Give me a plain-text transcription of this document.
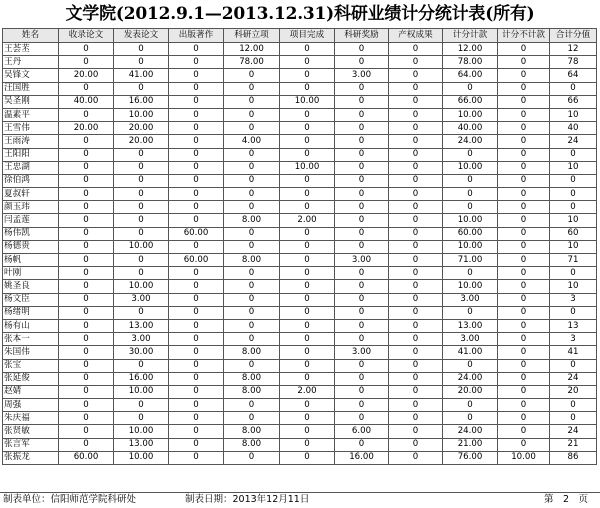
文学院(2012.9.1—2013.12.31)科研业绩计分统计表(所有)
姓名	收录论文	发表论文	出版著作	科研立项	项目完成	科研奖励	产权成果	计分计款	计分不计款	合计分值
王荟苤	0	0	0	12.00	0	0	0	12.00	0	12
王丹	0	0	0	78.00	0	0	0	78.00	0	78
吴锋文	20.00	41.00	0	0	0	3.00	0	64.00	0	64
汪国胜	0	0	0	0	0	0	0	0	0	0
吴圣刚	40.00	16.00	0	0	10.00	0	0	66.00	0	66
温素平	0	10.00	0	0	0	0	0	10.00	0	10
王雪伟	20.00	20.00	0	0	0	0	0	40.00	0	40
王雨涛	0	20.00	0	4.00	0	0	0	24.00	0	24
王阳阳	0	0	0	0	0	0	0	0	0	0
王忠湖	0	0	0	0	10.00	0	0	10.00	0	10
徐伯鸿	0	0	0	0	0	0	0	0	0	0
夏叔轩	0	0	0	0	0	0	0	0	0	0
颜玉玮	0	0	0	0	0	0	0	0	0	0
闫孟莲	0	0	0	8.00	2.00	0	0	10.00	0	10
杨伟凯	0	0	60.00	0	0	0	0	60.00	0	60
杨德贵	0	10.00	0	0	0	0	0	10.00	0	10
杨帆	0	0	60.00	8.00	0	3.00	0	71.00	0	71
叶刚	0	0	0	0	0	0	0	0	0	0
姚圣良	0	10.00	0	0	0	0	0	10.00	0	10
杨文臣	0	3.00	0	0	0	0	0	3.00	0	3
杨绪明	0	0	0	0	0	0	0	0	0	0
杨有山	0	13.00	0	0	0	0	0	13.00	0	13
张本一	0	3.00	0	0	0	0	0	3.00	0	3
朱国伟	0	30.00	0	8.00	0	3.00	0	41.00	0	41
张宝	0	0	0	0	0	0	0	0	0	0
张延俊	0	16.00	0	8.00	0	0	0	24.00	0	24
赵婧	0	10.00	0	8.00	2.00	0	0	20.00	0	20
周强	0	0	0	0	0	0	0	0	0	0
朱庆福	0	0	0	0	0	0	0	0	0	0
张贤敏	0	10.00	0	8.00	0	6.00	0	24.00	0	24
张言军	0	13.00	0	8.00	0	0	0	21.00	0	21
张振龙	60.00	10.00	0	0	0	16.00	0	76.00	10.00	86
制表单位：信阳师范学院科研处	制表日期：2013年12月11日	第　2　页
